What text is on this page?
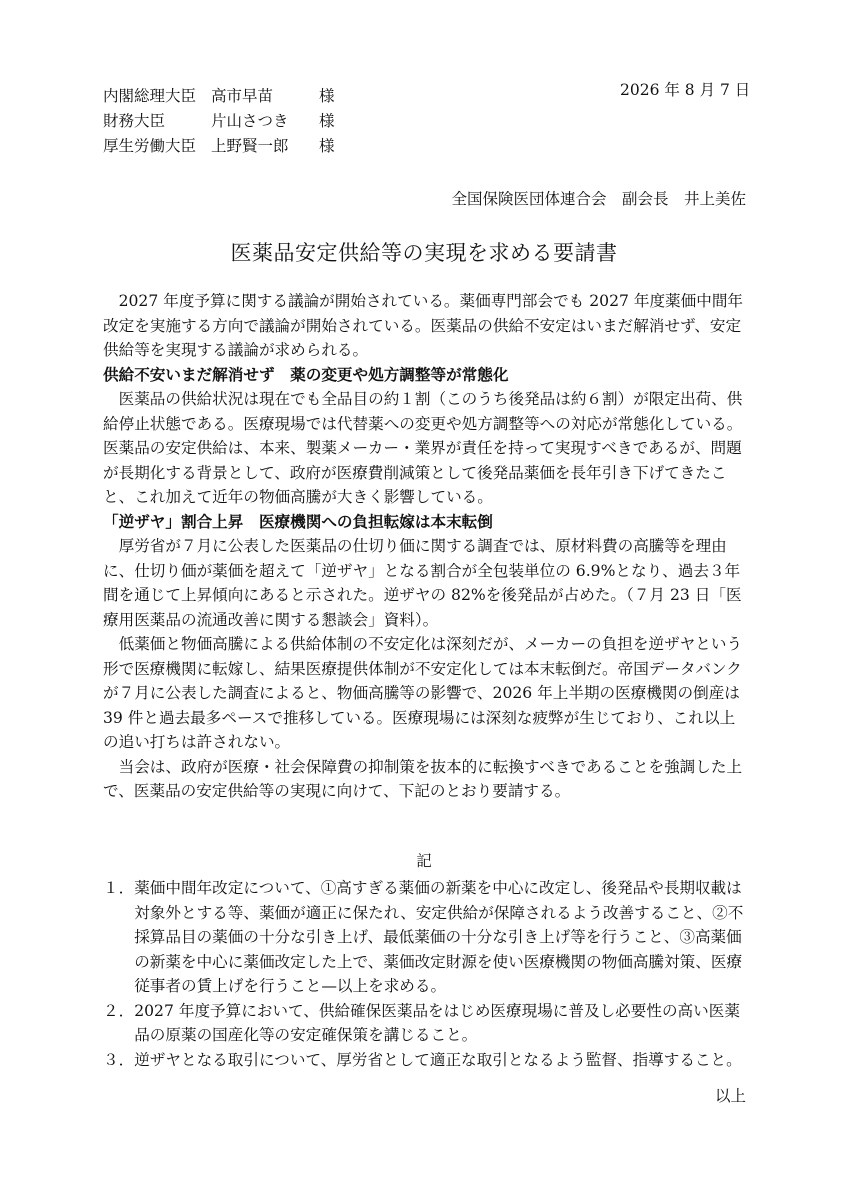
内閣総理大臣 高市早苗	様
財務大臣	片山さつき 様
厚生労働大臣 上野賢一郎 様
2026 年 8 月 7 日
全国保険医団体連合会　副会長　井上美佐
医薬品安定供給等の実現を求める要請書

2027 年度予算に関する議論が開始されている。薬価専門部会でも 2027 年度薬価中間年改定を実施する方向で議論が開始されている。医薬品の供給不安定はいまだ解消せず、安定供給等を実現する議論が求められる。

供給不安いまだ解消せず　薬の変更や処方調整等が常態化

医薬品の供給状況は現在でも全品目の約１割（このうち後発品は約６割）が限定出荷、供給停止状態である。医療現場では代替薬への変更や処方調整等への対応が常態化している。

医薬品の安定供給は、本来、製薬メーカー・業界が責任を持って実現すべきであるが、問題が長期化する背景として、政府が医療費削減策として後発品薬価を長年引き下げてきたこと、これ加えて近年の物価高騰が大きく影響している。

「逆ザヤ」割合上昇　医療機関への負担転嫁は本末転倒

厚労省が７月に公表した医薬品の仕切り価に関する調査では、原材料費の高騰等を理由に、仕切り価が薬価を超えて「逆ザヤ」となる割合が全包装単位の 6.9%となり、過去３年間を通じて上昇傾向にあると示された。逆ザヤの 82%を後発品が占めた。（７月 23 日「医療用医薬品の流通改善に関する懇談会」資料）。

低薬価と物価高騰による供給体制の不安定化は深刻だが、メーカーの負担を逆ザヤという形で医療機関に転嫁し、結果医療提供体制が不安定化しては本末転倒だ。帝国データバンクが７月に公表した調査によると、物価高騰等の影響で、2026 年上半期の医療機関の倒産は 39 件と過去最多ペースで推移している。医療現場には深刻な疲弊が生じており、これ以上の追い打ちは許されない。

当会は、政府が医療・社会保障費の抑制策を抜本的に転換すべきであることを強調した上で、医薬品の安定供給等の実現に向けて、下記のとおり要請する。

記
１． 薬価中間年改定について、①高すぎる薬価の新薬を中心に改定し、後発品や長期収載は対象外とする等、薬価が適正に保たれ、安定供給が保障されるよう改善すること、②不採算品目の薬価の十分な引き上げ、最低薬価の十分な引き上げ等を行うこと、③高薬価の新薬を中心に薬価改定した上で、薬価改定財源を使い医療機関の物価高騰対策、医療従事者の賃上げを行うこと—以上を求める。
２． 2027 年度予算において、供給確保医薬品をはじめ医療現場に普及し必要性の高い医薬品の原薬の国産化等の安定確保策を講じること。
３． 逆ザヤとなる取引について、厚労省として適正な取引となるよう監督、指導すること。
以上
